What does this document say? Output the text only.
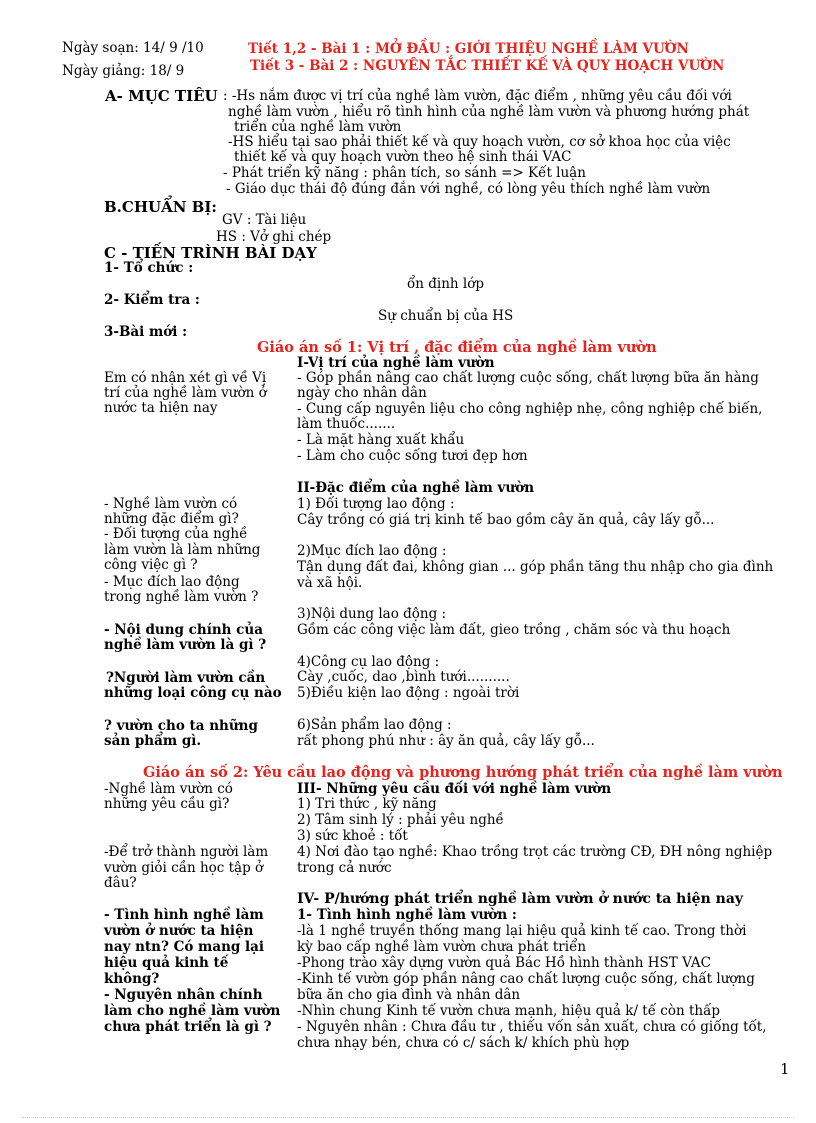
Ngày soạn: 14/ 9 /10
Ngày giảng: 18/ 9
Tiết 1,2 - Bài 1 : MỞ ĐẦU : GIỚI THIỆU NGHỀ LÀM VƯỜN
Tiết 3 - Bài 2 : NGUYÊN TẮC THIẾT KẾ VÀ QUY HOẠCH VƯỜN
A- MỤC TIÊU : -Hs nắm được vị trí của nghề làm vườn, đặc điểm , những yêu cầu đối với
nghề làm vườn , hiểu rõ tình hình của nghề làm vườn và phương hướng phát
triển của nghề làm vườn
-HS hiểu tại sao phải thiết kế và quy hoạch vườn, cơ sở khoa học của việc
thiết kế và quy hoạch vườn theo hệ sinh thái VAC
- Phát triển kỹ năng : phân tích, so sánh => Kết luận
- Giáo dục thái độ đúng đắn với nghề, có lòng yêu thích nghề làm vườn
B.CHUẨN BỊ:
GV : Tài liệu
HS : Vở ghi chép
C - TIẾN TRÌNH BÀI DẠY
1- Tổ chức :
ổn định lớp
2- Kiểm tra :
Sự chuẩn bị của HS
3-Bài mới :
Giáo án số 1: Vị trí , đặc điểm của nghề làm vườn
I-Vị trí của nghề làm vườn
Em có nhận xét gì về Vị
trí của nghề làm vườn ở
nước ta hiện nay
- Góp phần nâng cao chất lượng cuộc sống, chất lượng bữa ăn hàng
ngày cho nhân dân
- Cung cấp nguyên liệu cho công nghiệp nhẹ, công nghiệp chế biến,
làm thuốc.......
- Là mặt hàng xuất khẩu
- Làm cho cuộc sống tươi đẹp hơn
II-Đặc điểm của nghề làm vườn
- Nghề làm vườn có
những đặc điểm gì?
- Đối tượng của nghề
làm vườn là làm những
công việc gì ?
- Mục đích lao động
trong nghề làm vườn ?
1) Đối tượng lao động :
Cây trồng có giá trị kinh tế bao gồm cây ăn quả, cây lấy gỗ...
2)Mục đích lao động :
Tận dụng đất đai, không gian ... góp phần tăng thu nhập cho gia đình
và xã hội.
- Nội dung chính của
nghề làm vườn là gì ?
3)Nội dung lao động :
Gồm các công việc làm đất, gieo trồng , chăm sóc và thu hoạch
?Người làm vườn cần
những loại công cụ nào
4)Công cụ lao động :
Cày ,cuốc, dao ,bình tưới..........
5)Điều kiện lao động : ngoài trời
? vườn cho ta những
sản phẩm gì.
6)Sản phẩm lao động :
rất phong phú như : ây ăn quả, cây lấy gỗ...
Giáo án số 2: Yêu cầu lao động và phương hướng phát triển của nghề làm vườn
-Nghề làm vườn có
những yêu cầu gì?
III- Những yêu cầu đối với nghề làm vườn
1) Tri thức , kỹ năng
2) Tâm sinh lý : phải yêu nghề
3) sức khoẻ : tốt
4) Nơi đào tạo nghề: Khao trồng trọt các trường CĐ, ĐH nông nghiệp
trong cả nước
-Để trở thành người làm
vườn giỏi cần học tập ở
đâu?
IV- P/hướng phát triển nghề làm vườn ở nước ta hiện nay
- Tình hình nghề làm
vườn ở nước ta hiện
nay ntn? Có mang lại
hiệu quả kinh tế
không?
- Nguyên nhân chính
làm cho nghề làm vườn
chưa phát triển là gì ?
1- Tình hình nghề làm vườn :
-là 1 nghề truyền thống mang lại hiệu quả kinh tế cao. Trong thời
kỳ bao cấp nghề làm vườn chưa phát triển
-Phong trào xây dựng vườn quả Bác Hồ hình thành HST VAC
-Kinh tế vườn góp phần nâng cao chất lượng cuộc sống, chất lượng
bữa ăn cho gia đình và nhân dân
-Nhìn chung Kinh tế vườn chưa mạnh, hiệu quả k/ tế còn thấp
- Nguyên nhân : Chưa đầu tư , thiếu vốn sản xuất, chưa có giống tốt,
chưa nhạy bén, chưa có c/ sách k/ khích phù hợp
1
